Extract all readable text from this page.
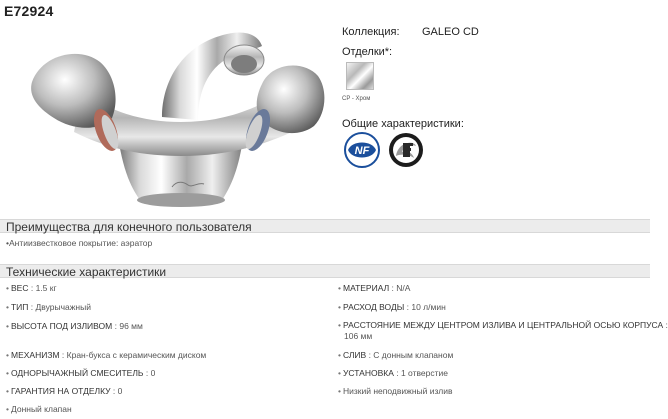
E72924
Коллекция: GALEO CD
Отделки*:
CP - Хром
Общие характеристики:
NF
Преимущества для конечного пользователя
•Антиизвестковое покрытие: аэратор
Технические характеристики
• ВЕС : 1.5 кг
• ТИП : Двурычажный
• ВЫСОТА ПОД ИЗЛИВОМ : 96 мм
• МЕХАНИЗМ : Кран-букса с керамическим диском
• ОДНОРЫЧАЖНЫЙ СМЕСИТЕЛЬ : 0
• ГАРАНТИЯ НА ОТДЕЛКУ : 0
• Донный клапан
• МАТЕРИАЛ : N/A
• РАСХОД ВОДЫ : 10 л/мин
• РАССТОЯНИЕ МЕЖДУ ЦЕНТРОМ ИЗЛИВА И ЦЕНТРАЛЬНОЙ ОСЬЮ КОРПУСА :
106 мм
• СЛИВ : С донным клапаном
• УСТАНОВКА : 1 отверстие
• Низкий неподвижный излив
